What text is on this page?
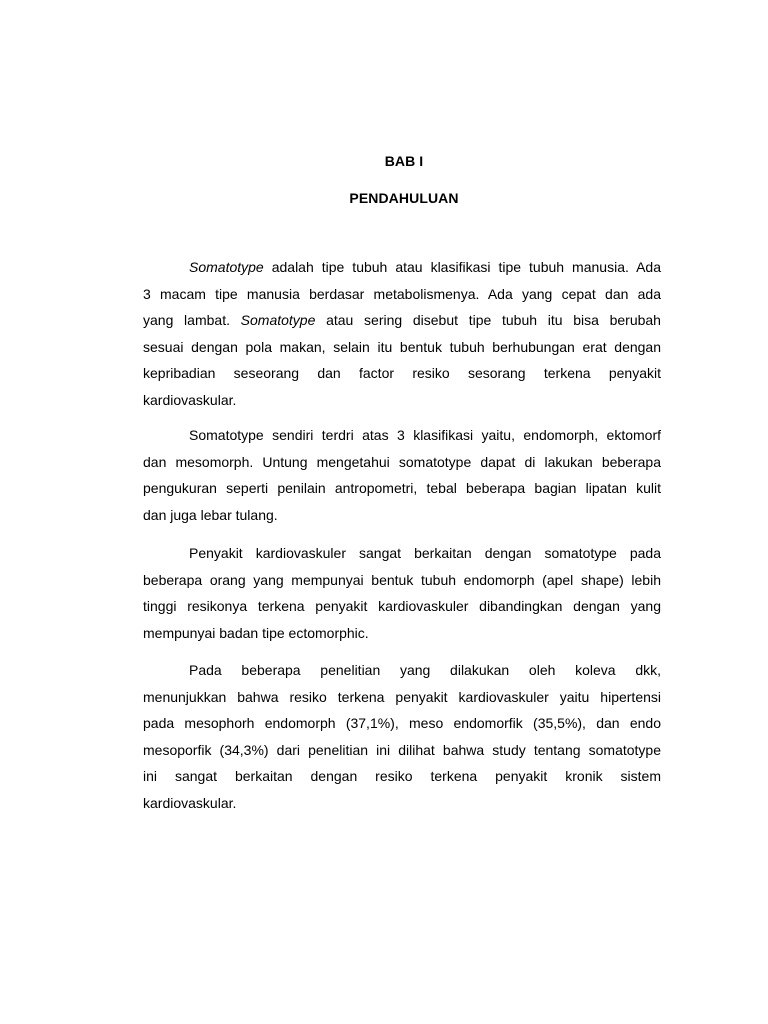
BAB I
PENDAHULUAN
Somatotype adalah tipe tubuh atau klasifikasi tipe tubuh manusia. Ada
3 macam tipe manusia berdasar metabolismenya. Ada yang cepat dan ada
yang lambat. Somatotype atau sering disebut tipe tubuh itu bisa berubah
sesuai dengan pola makan, selain itu bentuk tubuh berhubungan erat dengan
kepribadian seseorang dan factor resiko sesorang terkena penyakit
kardiovaskular.
Somatotype sendiri terdri atas 3 klasifikasi yaitu, endomorph, ektomorf
dan mesomorph. Untung mengetahui somatotype dapat di lakukan beberapa
pengukuran seperti penilain antropometri, tebal beberapa bagian lipatan kulit
dan juga lebar tulang.
Penyakit kardiovaskuler sangat berkaitan dengan somatotype pada
beberapa orang yang mempunyai bentuk tubuh endomorph (apel shape) lebih
tinggi resikonya terkena penyakit kardiovaskuler dibandingkan dengan yang
mempunyai badan tipe ectomorphic.
Pada beberapa penelitian yang dilakukan oleh koleva dkk,
menunjukkan bahwa resiko terkena penyakit kardiovaskuler yaitu hipertensi
pada mesophorh endomorph (37,1%), meso endomorfik (35,5%), dan endo
mesoporfik (34,3%) dari penelitian ini dilihat bahwa study tentang somatotype
ini sangat berkaitan dengan resiko terkena penyakit kronik sistem
kardiovaskular.
